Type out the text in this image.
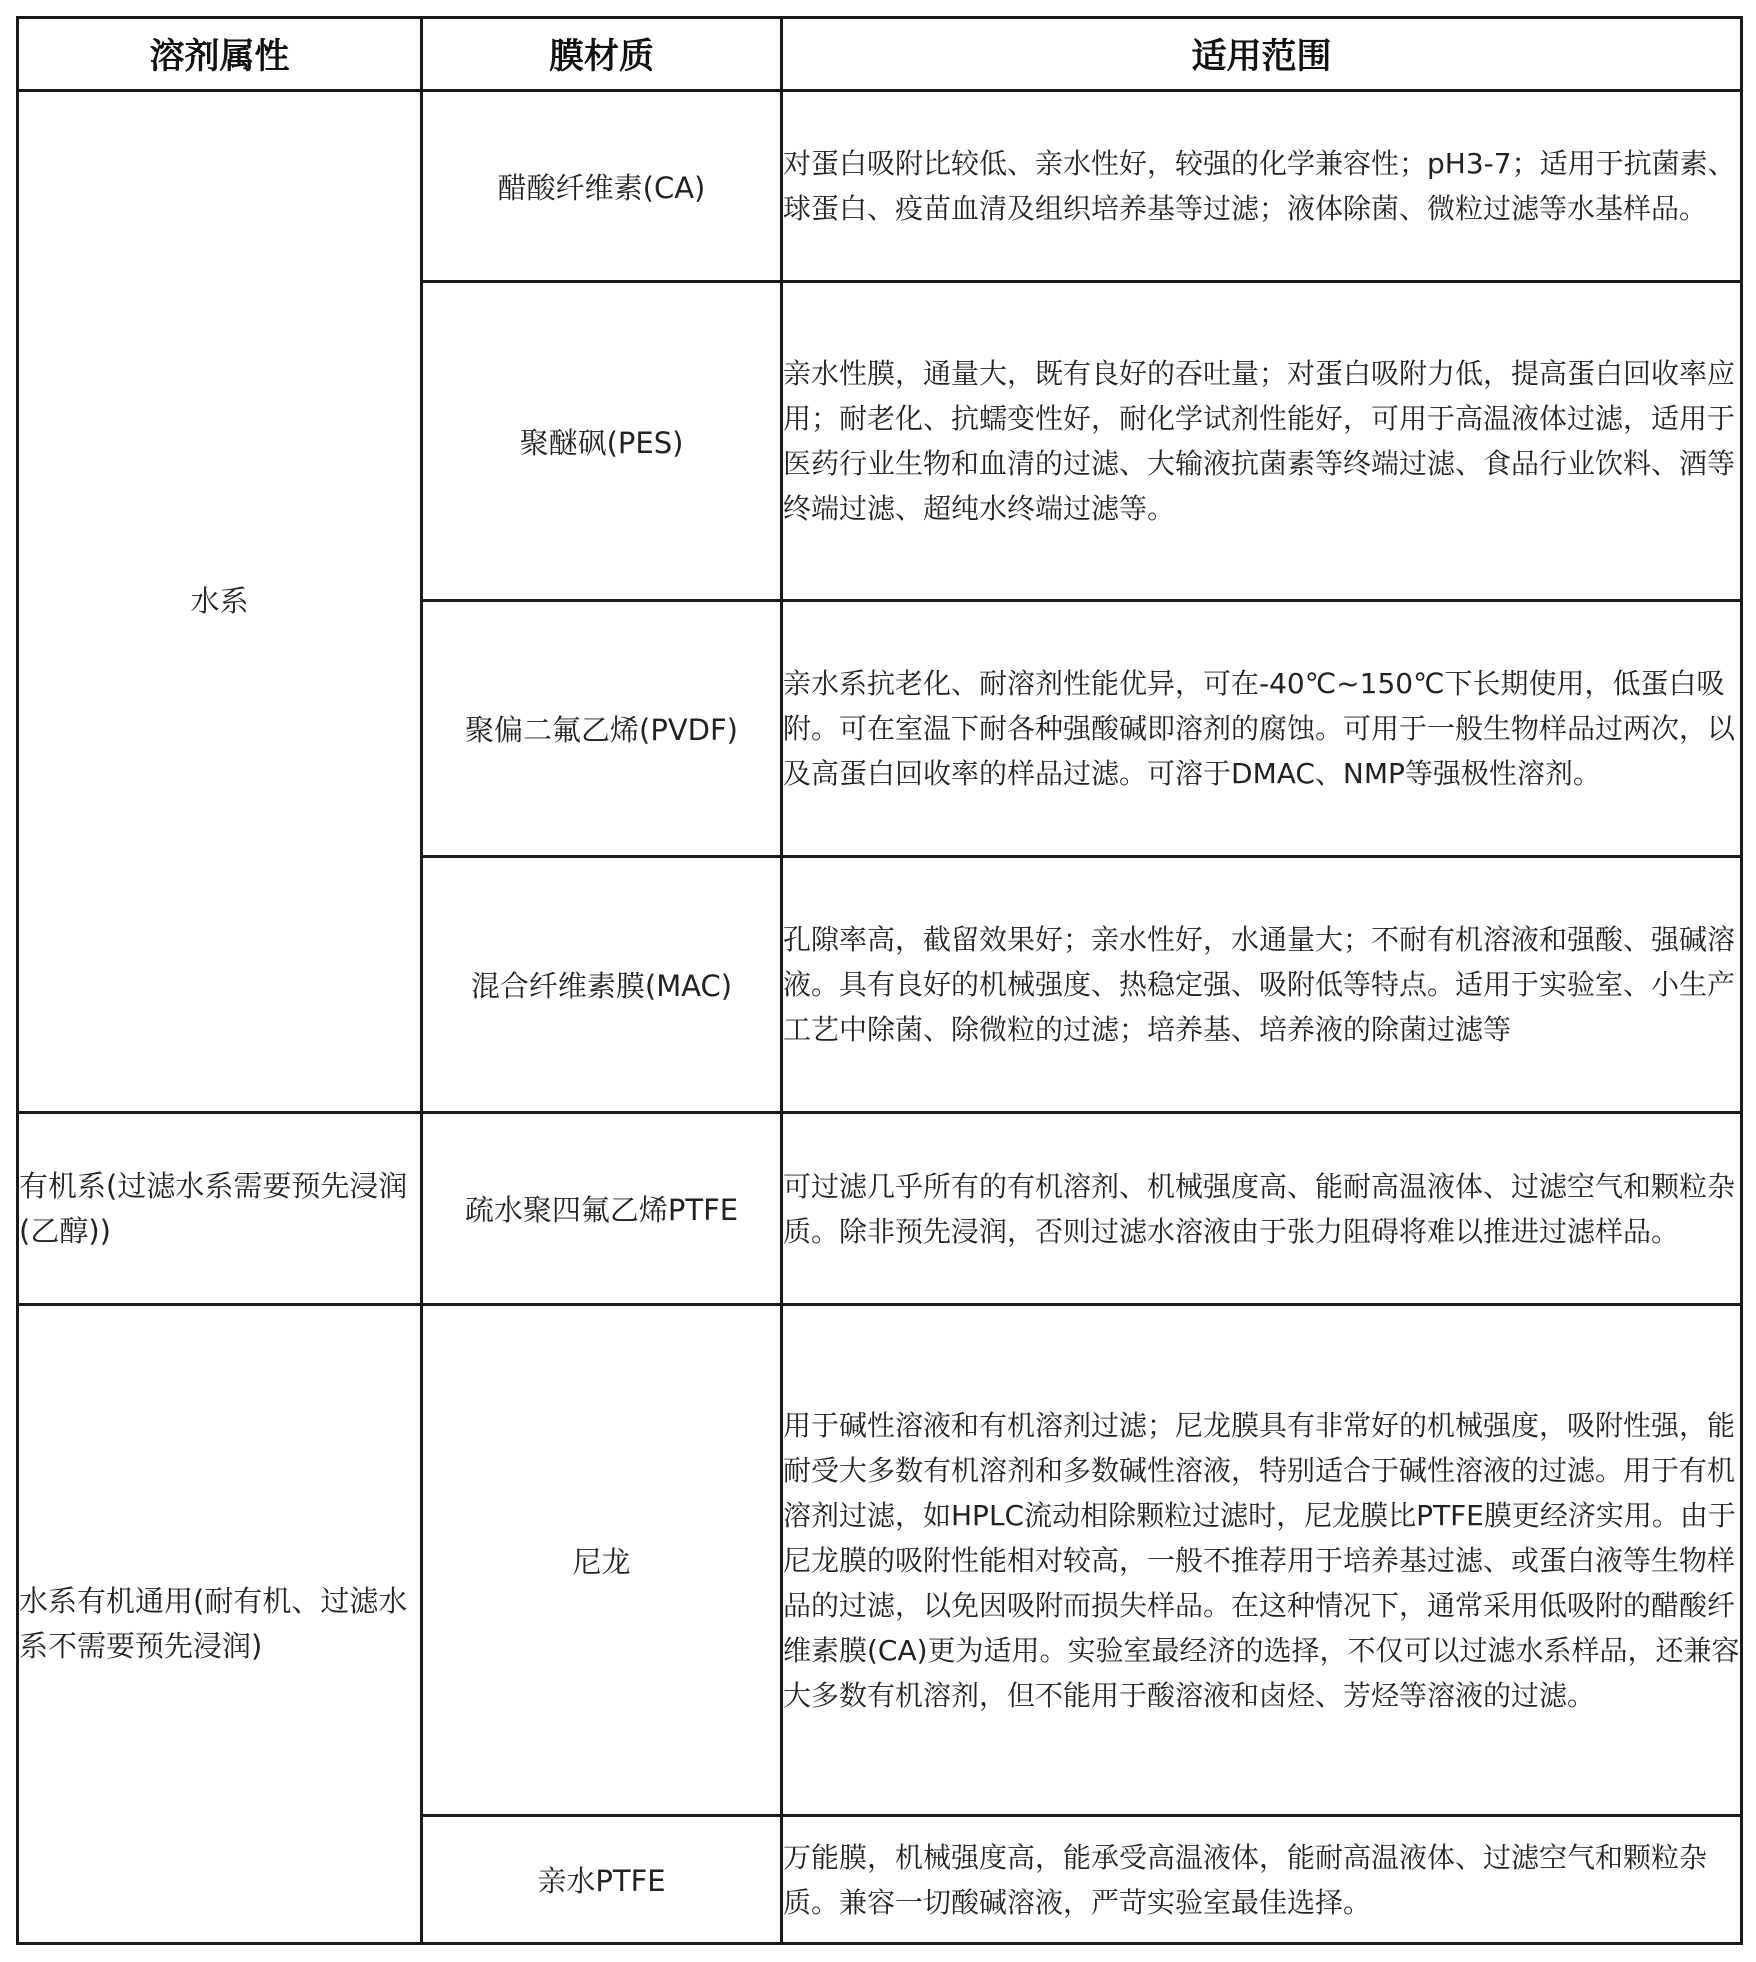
溶剂属性	膜材质	适用范围
水系	醋酸纤维素(CA)	对蛋白吸附比较低、亲水性好，较强的化学兼容性；pH3-7；适用于抗菌素、球蛋白、疫苗血清及组织培养基等过滤；液体除菌、微粒过滤等水基样品。

	聚醚砜(PES)	亲水性膜，通量大，既有良好的吞吐量；对蛋白吸附力低，提高蛋白回收率应用；耐老化、抗蠕变性好，耐化学试剂性能好，可用于高温液体过滤，适用于医药行业生物和血清的过滤、大输液抗菌素等终端过滤、食品行业饮料、酒等终端过滤、超纯水终端过滤等。

	聚偏二氟乙烯(PVDF)	亲水系抗老化、耐溶剂性能优异，可在-40℃~150℃下长期使用，低蛋白吸附。可在室温下耐各种强酸碱即溶剂的腐蚀。可用于一般生物样品过两次，以及高蛋白回收率的样品过滤。可溶于DMAC、NMP等强极性溶剂。

	混合纤维素膜(MAC)	孔隙率高，截留效果好；亲水性好，水通量大；不耐有机溶液和强酸、强碱溶液。具有良好的机械强度、热稳定强、吸附低等特点。适用于实验室、小生产工艺中除菌、除微粒的过滤；培养基、培养液的除菌过滤等

有机系(过滤水系需要预先浸润(乙醇))	疏水聚四氟乙烯PTFE	可过滤几乎所有的有机溶剂、机械强度高、能耐高温液体、过滤空气和颗粒杂质。除非预先浸润，否则过滤水溶液由于张力阻碍将难以推进过滤样品。

水系有机通用(耐有机、过滤水系不需要预先浸润)	尼龙	用于碱性溶液和有机溶剂过滤；尼龙膜具有非常好的机械强度，吸附性强，能耐受大多数有机溶剂和多数碱性溶液，特别适合于碱性溶液的过滤。用于有机溶剂过滤，如HPLC流动相除颗粒过滤时，尼龙膜比PTFE膜更经济实用。由于尼龙膜的吸附性能相对较高，一般不推荐用于培养基过滤、或蛋白液等生物样品的过滤，以免因吸附而损失样品。在这种情况下，通常采用低吸附的醋酸纤维素膜(CA)更为适用。实验室最经济的选择，不仅可以过滤水系样品，还兼容大多数有机溶剂，但不能用于酸溶液和卤烃、芳烃等溶液的过滤。

	亲水PTFE	万能膜，机械强度高，能承受高温液体，能耐高温液体、过滤空气和颗粒杂质。兼容一切酸碱溶液，严苛实验室最佳选择。
